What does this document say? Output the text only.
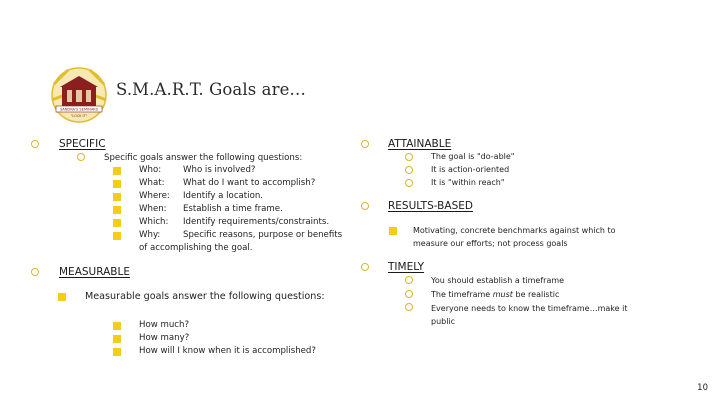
SANDRA'S SEMINARS
"LOCK IT"
S.M.A.R.T. Goals are…
SPECIFIC
Specific goals answer the following questions:
Who:	Who is involved?
What: What do I want to accomplish?
Where: Identify a location.
When: Establish a time frame.
Which: Identify requirements/constraints.
Why:	Specific reasons, purpose or benefits
of accomplishing the goal.
MEASURABLE
Measurable goals answer the following questions:
How much?
How many?
How will I know when it is accomplished?
ATTAINABLE
The goal is "do-able"
It is action-oriented
It is "within reach"
RESULTS-BASED
Motivating, concrete benchmarks against which to
measure our efforts; not process goals
TIMELY
You should establish a timeframe
The timeframe must be realistic
Everyone needs to know the timeframe…make it
public
10
